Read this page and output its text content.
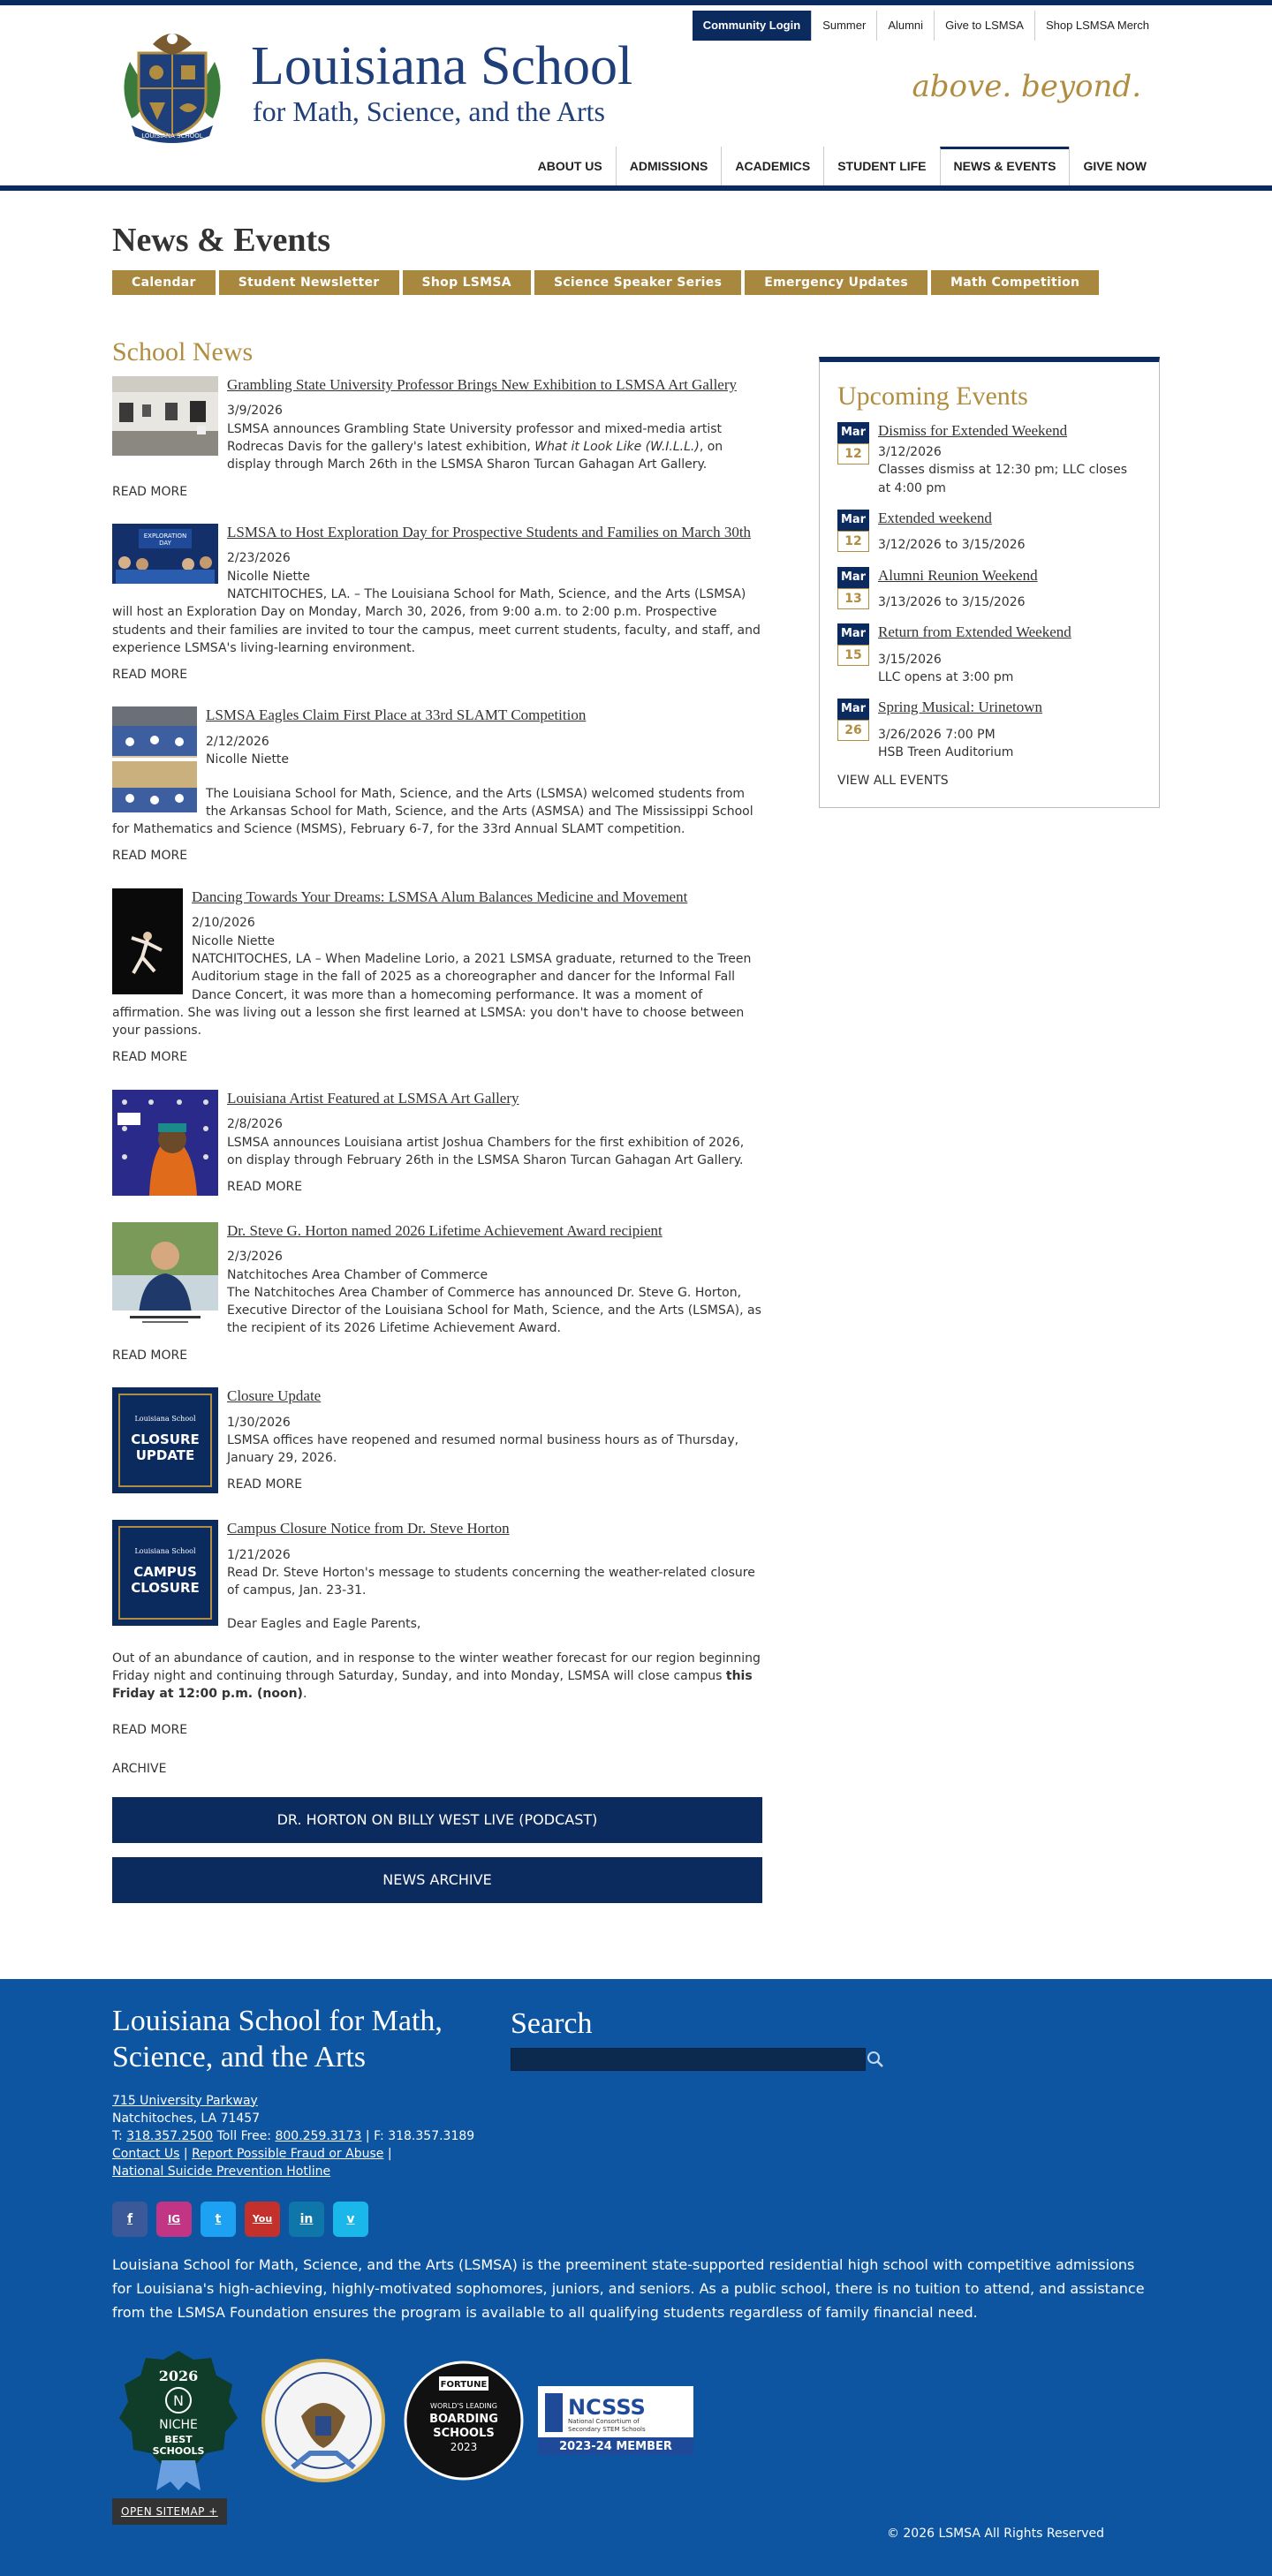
Community Login	Summer	Alumni	Give to LSMSA	Shop LSMSA Merch
LOUISIANA SCHOOL
Louisiana School
for Math, Science, and the Arts
above. beyond.
ABOUT US	ADMISSIONS	ACADEMICS	STUDENT LIFE	NEWS & EVENTS	GIVE NOW
News & Events
Calendar	Student Newsletter	Shop LSMSA	Science Speaker Series	Emergency Updates	Math Competition
School News
Grambling State University Professor Brings New Exhibition to LSMSA Art Gallery

3/9/2026

LSMSA announces Grambling State University professor and mixed-media artist Rodrecas Davis for the gallery's latest exhibition, What it Look Like (W.I.L.L.), on display through March 26th in the LSMSA Sharon Turcan Gahagan Art Gallery.

READ MORE
EXPLORATION
DAY
LSMSA to Host Exploration Day for Prospective Students and Families on March 30th

2/23/2026

Nicolle Niette

NATCHITOCHES, LA. – The Louisiana School for Math, Science, and the Arts (LSMSA) will host an Exploration Day on Monday, March 30, 2026, from 9:00 a.m. to 2:00 p.m. Prospective students and their families are invited to tour the campus, meet current students, faculty, and staff, and experience LSMSA's living-learning environment.

READ MORE
LSMSA Eagles Claim First Place at 33rd SLAMT Competition

2/12/2026

Nicolle Niette

The Louisiana School for Math, Science, and the Arts (LSMSA) welcomed students from the Arkansas School for Math, Science, and the Arts (ASMSA) and The Mississippi School for Mathematics and Science (MSMS), February 6-7, for the 33rd Annual SLAMT competition.

READ MORE
Dancing Towards Your Dreams: LSMSA Alum Balances Medicine and Movement

2/10/2026

Nicolle Niette

NATCHITOCHES, LA – When Madeline Lorio, a 2021 LSMSA graduate, returned to the Treen Auditorium stage in the fall of 2025 as a choreographer and dancer for the Informal Fall Dance Concert, it was more than a homecoming performance. It was a moment of affirmation. She was living out a lesson she first learned at LSMSA: you don't have to choose between your passions.

READ MORE
Louisiana Artist Featured at LSMSA Art Gallery

2/8/2026

LSMSA announces Louisiana artist Joshua Chambers for the first exhibition of 2026, on display through February 26th in the LSMSA Sharon Turcan Gahagan Art Gallery.

READ MORE
Dr. Steve G. Horton named 2026 Lifetime Achievement Award recipient

2/3/2026

Natchitoches Area Chamber of Commerce

The Natchitoches Area Chamber of Commerce has announced Dr. Steve G. Horton, Executive Director of the Louisiana School for Math, Science, and the Arts (LSMSA), as the recipient of its 2026 Lifetime Achievement Award.

READ MORE
Louisiana School
CLOSURE
UPDATE
Closure Update

1/30/2026

LSMSA offices have reopened and resumed normal business hours as of Thursday, January 29, 2026.

READ MORE
Louisiana School
CAMPUS
CLOSURE
Campus Closure Notice from Dr. Steve Horton

1/21/2026

Read Dr. Steve Horton's message to students concerning the weather-related closure of campus, Jan. 23-31.

Dear Eagles and Eagle Parents,

Out of an abundance of caution, and in response to the winter weather forecast for our region beginning Friday night and continuing through Saturday, Sunday, and into Monday, LSMSA will close campus this Friday at 12:00 p.m. (noon).

READ MORE
ARCHIVE
DR. HORTON ON BILLY WEST LIVE (PODCAST)
NEWS ARCHIVE
Upcoming Events
Mar
12
Dismiss for Extended Weekend
3/12/2026
Classes dismiss at 12:30 pm; LLC closes at 4:00 pm
Mar
12
Extended weekend
3/12/2026 to 3/15/2026
Mar
13
Alumni Reunion Weekend
3/13/2026 to 3/15/2026
Mar
15
Return from Extended Weekend
3/15/2026
LLC opens at 3:00 pm
Mar
26
Spring Musical: Urinetown
3/26/2026 7:00 PM
HSB Treen Auditorium
VIEW ALL EVENTS
Louisiana School for Math, Science, and the Arts
Search
715 University Parkway
Natchitoches, LA 71457
T: 318.357.2500 Toll Free: 800.259.3173 | F: 318.357.3189
Contact Us | Report Possible Fraud or Abuse |
National Suicide Prevention Hotline
f	IG	t	You	in	v

Louisiana School for Math, Science, and the Arts (LSMSA) is the preeminent state-supported residential high school with competitive admissions for Louisiana's high-achieving, highly-motivated sophomores, juniors, and seniors. As a public school, there is no tuition to attend, and assistance from the LSMSA Foundation ensures the program is available to all qualifying students regardless of family financial need.

2026
N
NICHE
BEST
SCHOOLS
FORTUNE
WORLD'S LEADING
BOARDING
SCHOOLS
2023
NCSSS
National Consortium of
Secondary STEM Schools
2023-24 MEMBER
OPEN SITEMAP +
© 2026 LSMSA All Rights Reserved
